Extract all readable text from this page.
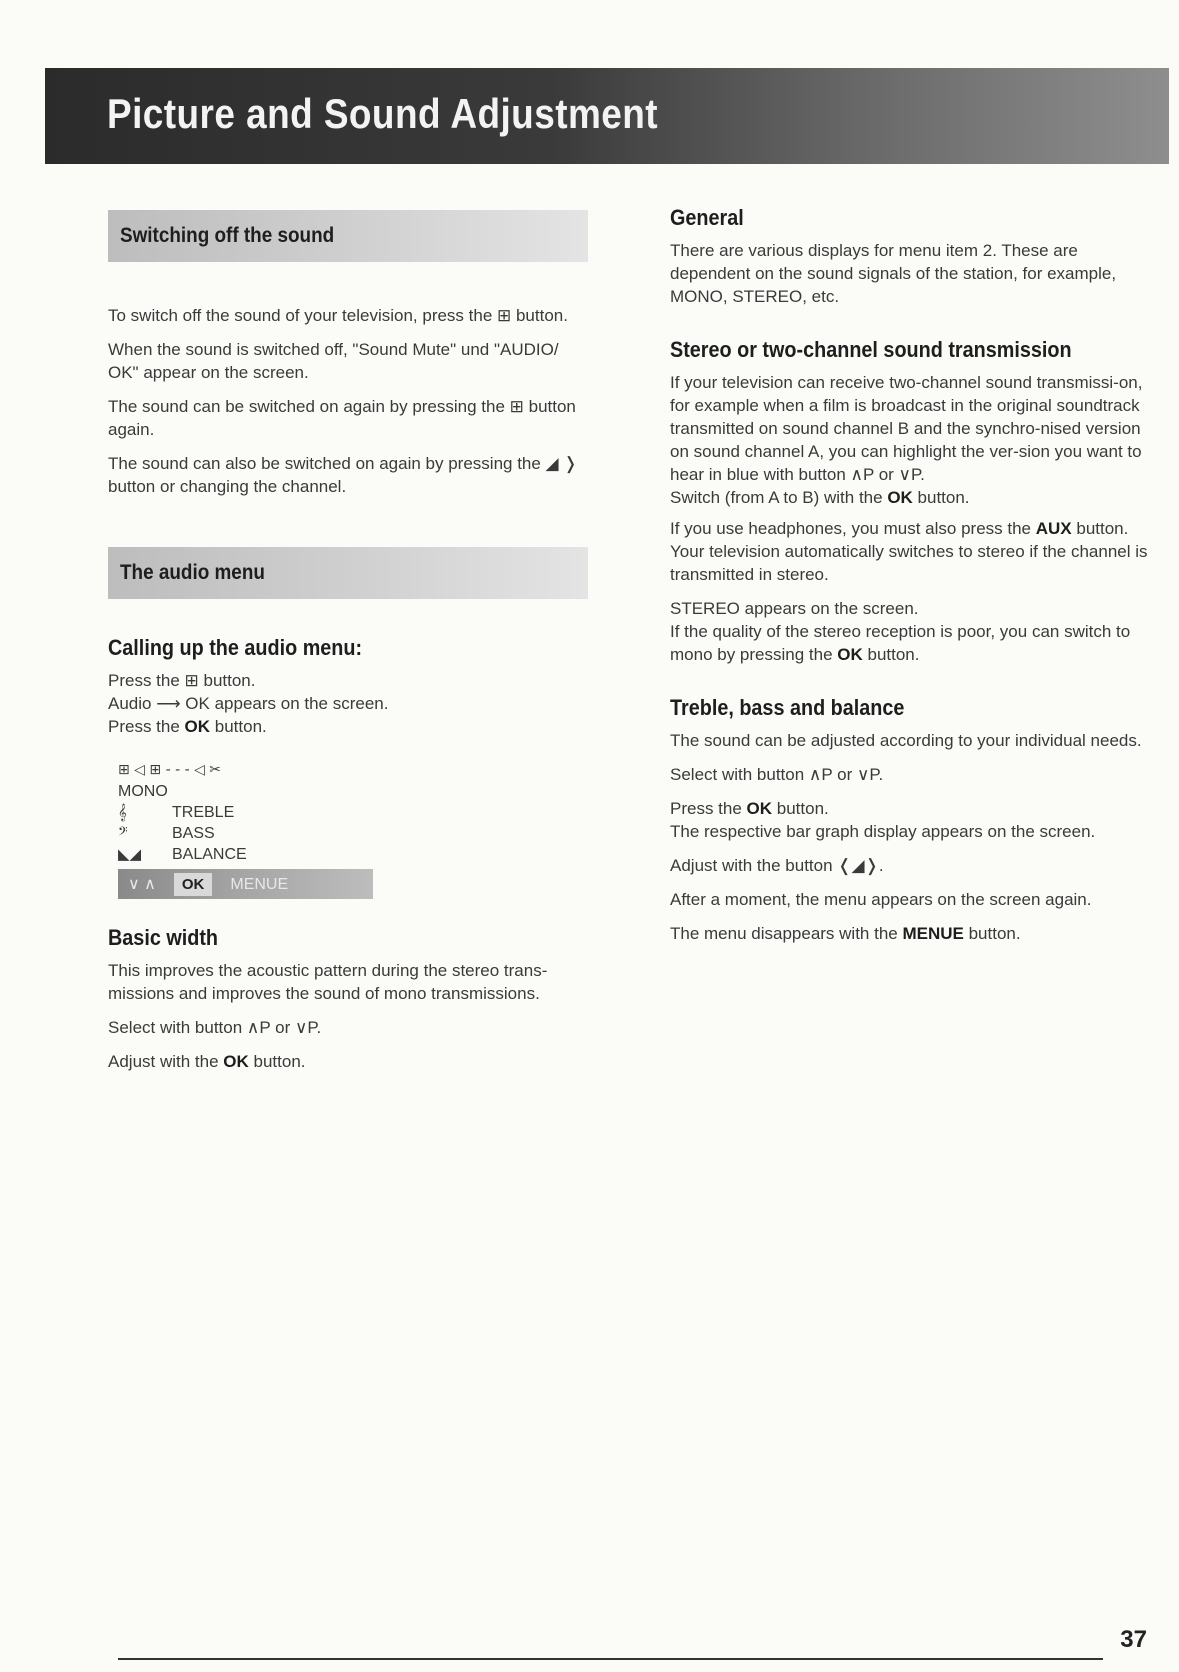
Picture and Sound Adjustment
Switching off the sound

To switch off the sound of your television, press the ⊞ button.

When the sound is switched off, "Sound Mute" und "AUDIO/ OK" appear on the screen.

The sound can be switched on again by pressing the ⊞ button again.

The sound can also be switched on again by pressing the ◢ ❭ button or changing the channel.

The audio menu
Calling up the audio menu:

Press the ⊞ button.
Audio ⟶ OK appears on the screen.
Press the OK button.

⊞ ◁ ⊞ - - - ◁ ✂
MONO
𝄞	TREBLE
𝄢	BASS
◣◢	BALANCE
∨ ∧	OK	MENUE
Basic width

This improves the acoustic pattern during the stereo trans-missions and improves the sound of mono transmissions.

Select with button ∧P or ∨P.

Adjust with the OK button.

General

There are various displays for menu item 2. These are dependent on the sound signals of the station, for example, MONO, STEREO, etc.

Stereo or two-channel sound transmission

If your television can receive two-channel sound transmissi-on, for example when a film is broadcast in the original soundtrack transmitted on sound channel B and the synchro-nised version on sound channel A, you can highlight the ver-sion you want to hear in blue with button ∧P or ∨P.
Switch (from A to B) with the OK button.

If you use headphones, you must also press the AUX button. Your television automatically switches to stereo if the channel is transmitted in stereo.

STEREO appears on the screen.
If the quality of the stereo reception is poor, you can switch to mono by pressing the OK button.

Treble, bass and balance

The sound can be adjusted according to your individual needs.

Select with button ∧P or ∨P.

Press the OK button.
The respective bar graph display appears on the screen.

Adjust with the button ❬◢❭.

After a moment, the menu appears on the screen again.

The menu disappears with the MENUE button.

37
